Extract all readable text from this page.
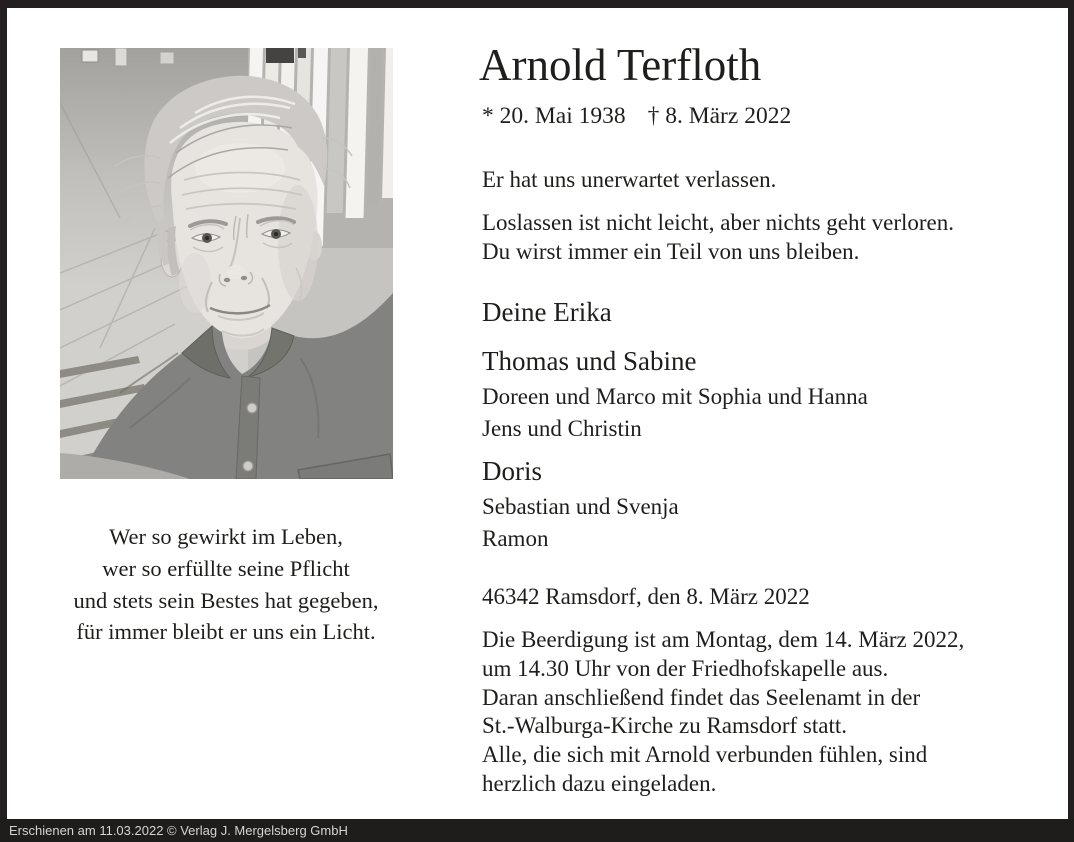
Wer so gewirkt im Leben,
wer so erfüllte seine Pflicht
und stets sein Bestes hat gegeben,
für immer bleibt er uns ein Licht.
Arnold Terfloth
* 20. Mai 1938 † 8. März 2022
Er hat uns unerwartet verlassen.
Loslassen ist nicht leicht, aber nichts geht verloren.
Du wirst immer ein Teil von uns bleiben.
Deine Erika
Thomas und Sabine
Doreen und Marco mit Sophia und Hanna
Jens und Christin
Doris
Sebastian und Svenja
Ramon
46342 Ramsdorf, den 8. März 2022
Die Beerdigung ist am Montag, dem 14. März 2022,
um 14.30 Uhr von der Friedhofskapelle aus.
Daran anschließend findet das Seelenamt in der
St.-Walburga-Kirche zu Ramsdorf statt.
Alle, die sich mit Arnold verbunden fühlen, sind
herzlich dazu eingeladen.
Erschienen am 11.03.2022 © Verlag J. Mergelsberg GmbH
